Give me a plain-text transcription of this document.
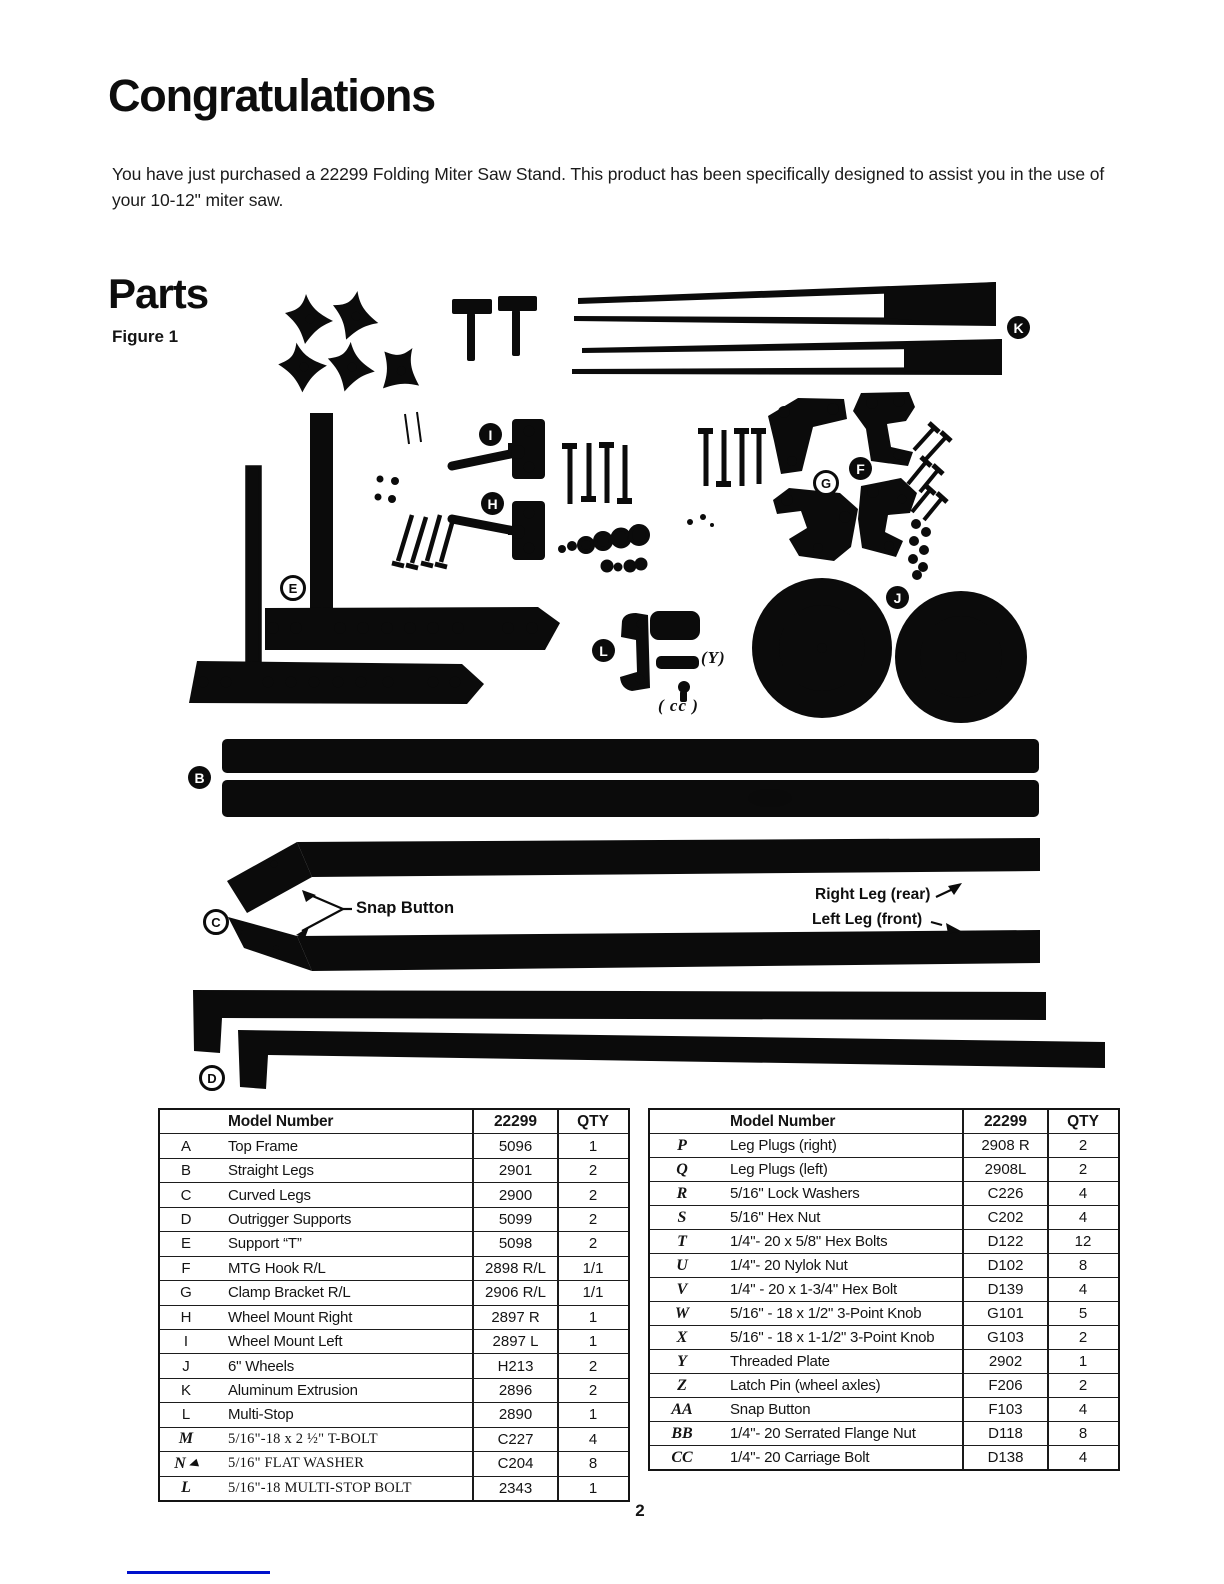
Congratulations

You have just purchased a 22299 Folding Miter Saw Stand. This product has been specifically designed to assist you in the use of your 10-12" miter saw.

Parts
Figure 1	K
I
H
E
G
F
J
L
B
C
D
Snap Button
Right Leg (rear)
Left Leg (front)
(Y)
( cc )
Model Number	22299	QTY
A	Top Frame	5096	1
B	Straight Legs	2901	2
C	Curved Legs	2900	2
D	Outrigger Supports	5099	2
E	Support “T”	5098	2
F	MTG Hook R/L	2898 R/L	1/1
G	Clamp Bracket R/L	2906 R/L	1/1
H	Wheel Mount Right	2897 R	1
I	Wheel Mount Left	2897 L	1
J	6" Wheels	H213	2
K	Aluminum Extrusion	2896	2
L	Multi-Stop	2890	1
M	5/16"-18 x 2 ½" T-BOLT	C227	4
N	5/16" FLAT WASHER	C204	8
L	5/16"-18 MULTI-STOP BOLT	2343	1
Model Number	22299	QTY
P	Leg Plugs (right)	2908 R	2
Q	Leg Plugs (left)	2908L	2
R	5/16" Lock Washers	C226	4
S	5/16" Hex Nut	C202	4
T	1/4"- 20 x 5/8" Hex Bolts	D122	12
U	1/4"- 20 Nylok Nut	D102	8
V	1/4" - 20 x 1-3/4" Hex Bolt	D139	4
W	5/16" - 18 x 1/2" 3-Point Knob	G101	5
X	5/16" - 18 x 1-1/2" 3-Point Knob	G103	2
Y	Threaded Plate	2902	1
Z	Latch Pin (wheel axles)	F206	2
AA	Snap Button	F103	4
BB	1/4"- 20 Serrated Flange Nut	D118	8
CC	1/4"- 20 Carriage Bolt	D138	4
2
